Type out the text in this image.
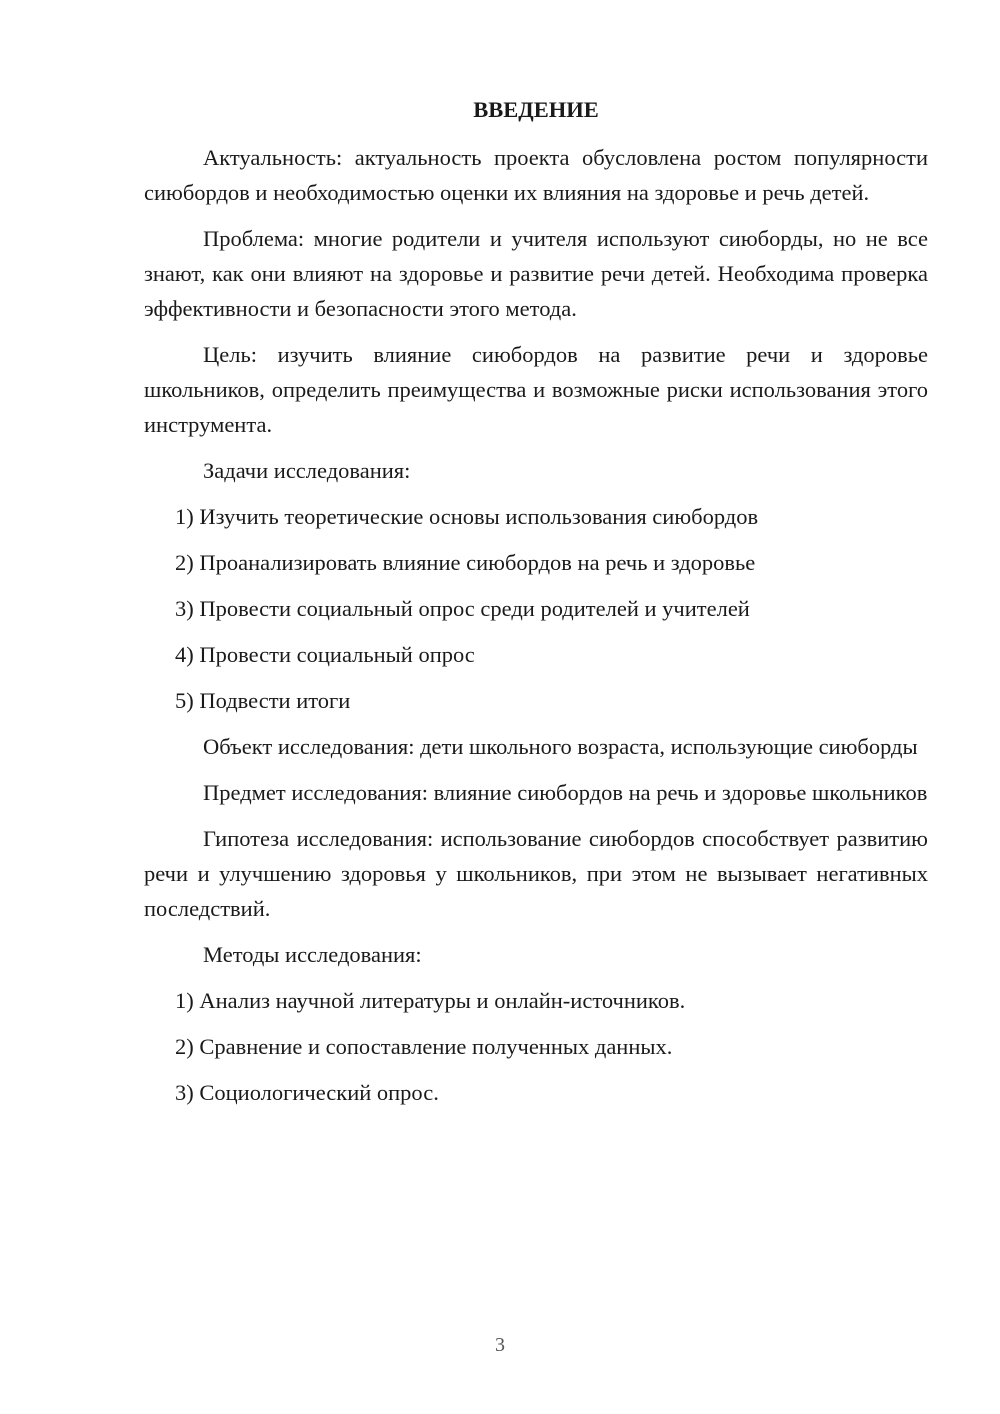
ВВЕДЕНИЕ

Актуальность: актуальность проекта обусловлена ростом популярности сиюбордов и необходимостью оценки их влияния на здоровье и речь детей.

Проблема: многие родители и учителя используют сиюборды, но не все знают, как они влияют на здоровье и развитие речи детей. Необходима проверка эффективности и безопасности этого метода.

Цель: изучить влияние сиюбордов на развитие речи и здоровье школьников, определить преимущества и возможные риски использования этого инструмента.

Задачи исследования:

1) Изучить теоретические основы использования сиюбордов

2) Проанализировать влияние сиюбордов на речь и здоровье

3) Провести социальный опрос среди родителей и учителей

4) Провести социальный опрос

5) Подвести итоги

Объект исследования: дети школьного возраста, использующие сиюборды

Предмет исследования: влияние сиюбордов на речь и здоровье школьников

Гипотеза исследования: использование сиюбордов способствует развитию речи и улучшению здоровья у школьников, при этом не вызывает негативных последствий.

Методы исследования:

1) Анализ научной литературы и онлайн-источников.

2) Сравнение и сопоставление полученных данных.

3) Социологический опрос.

3
